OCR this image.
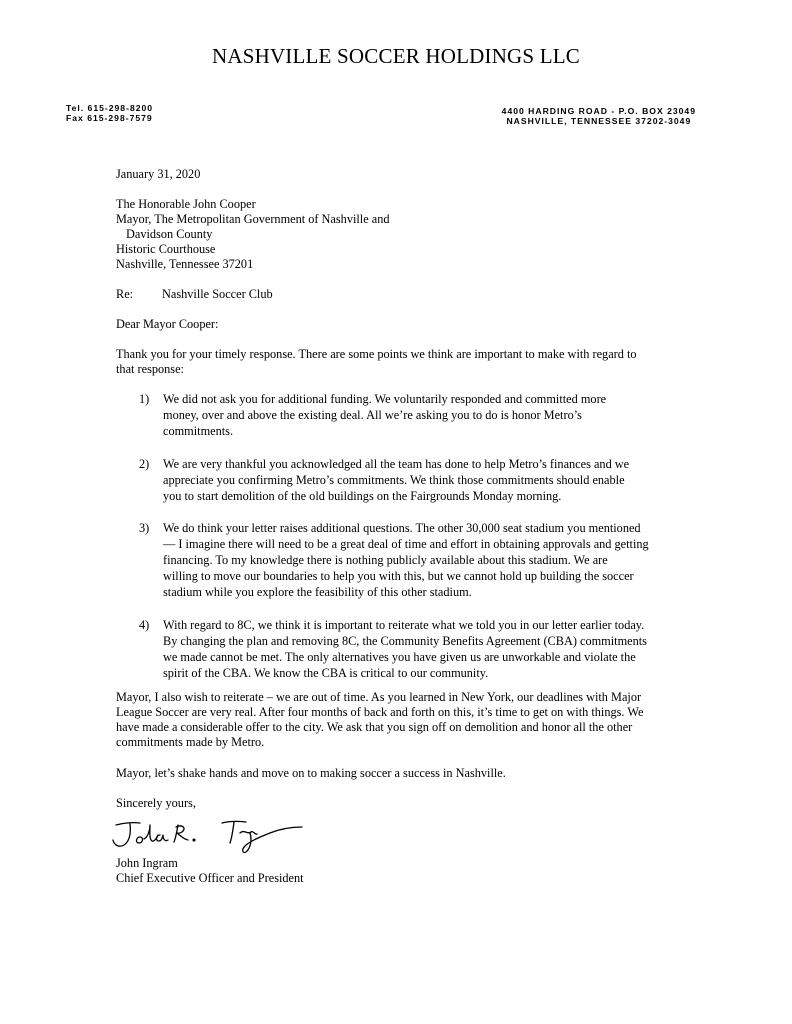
NASHVILLE SOCCER HOLDINGS LLC
Tel. 615-298-8200
Fax 615-298-7579
4400 HARDING ROAD - P.O. BOX 23049
NASHVILLE, TENNESSEE 37202-3049
January 31, 2020
The Honorable John Cooper
Mayor, The Metropolitan Government of Nashville and
Davidson County
Historic Courthouse
Nashville, Tennessee 37201
Re: Nashville Soccer Club
Dear Mayor Cooper:
Thank you for your timely response. There are some points we think are important to make with regard to
that response:
1) We did not ask you for additional funding. We voluntarily responded and committed more
money, over and above the existing deal. All we’re asking you to do is honor Metro’s
commitments.
2) We are very thankful you acknowledged all the team has done to help Metro’s finances and we
appreciate you confirming Metro’s commitments. We think those commitments should enable
you to start demolition of the old buildings on the Fairgrounds Monday morning.
3) We do think your letter raises additional questions. The other 30,000 seat stadium you mentioned
— I imagine there will need to be a great deal of time and effort in obtaining approvals and getting
financing. To my knowledge there is nothing publicly available about this stadium. We are
willing to move our boundaries to help you with this, but we cannot hold up building the soccer
stadium while you explore the feasibility of this other stadium.
4) With regard to 8C, we think it is important to reiterate what we told you in our letter earlier today.
By changing the plan and removing 8C, the Community Benefits Agreement (CBA) commitments
we made cannot be met. The only alternatives you have given us are unworkable and violate the
spirit of the CBA. We know the CBA is critical to our community.
Mayor, I also wish to reiterate – we are out of time. As you learned in New York, our deadlines with Major
League Soccer are very real. After four months of back and forth on this, it’s time to get on with things. We
have made a considerable offer to the city. We ask that you sign off on demolition and honor all the other
commitments made by Metro.
Mayor, let’s shake hands and move on to making soccer a success in Nashville.
Sincerely yours,
John Ingram
Chief Executive Officer and President
